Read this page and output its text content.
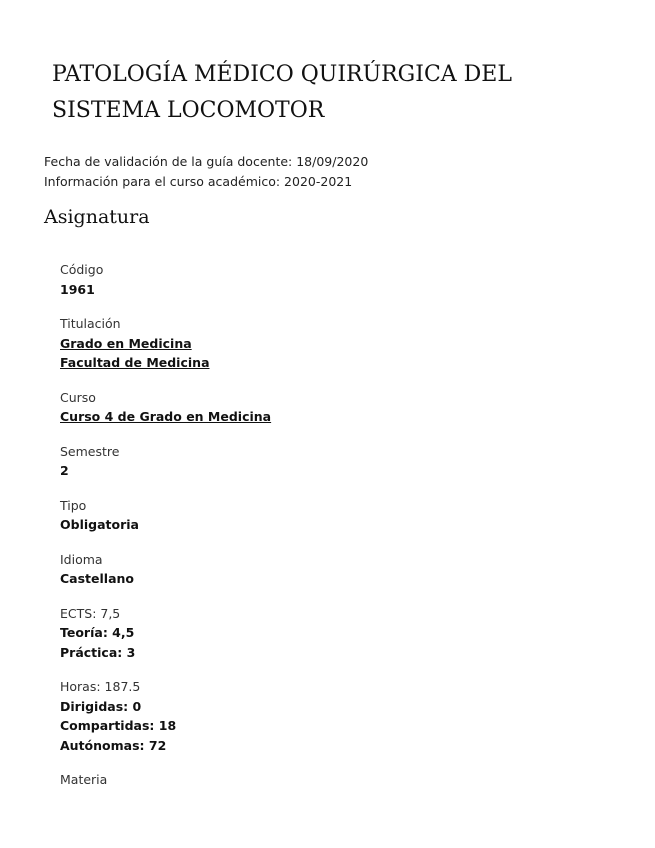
PATOLOGÍA MÉDICO QUIRÚRGICA DEL SISTEMA LOCOMOTOR
Fecha de validación de la guía docente: 18/09/2020
Información para el curso académico: 2020-2021
Asignatura
Código
1961
Titulación
Grado en Medicina
Facultad de Medicina
Curso
Curso 4 de Grado en Medicina
Semestre
2
Tipo
Obligatoria
Idioma
Castellano
ECTS: 7,5
Teoría: 4,5
Práctica: 3
Horas: 187.5
Dirigidas: 0
Compartidas: 18
Autónomas: 72
Materia
